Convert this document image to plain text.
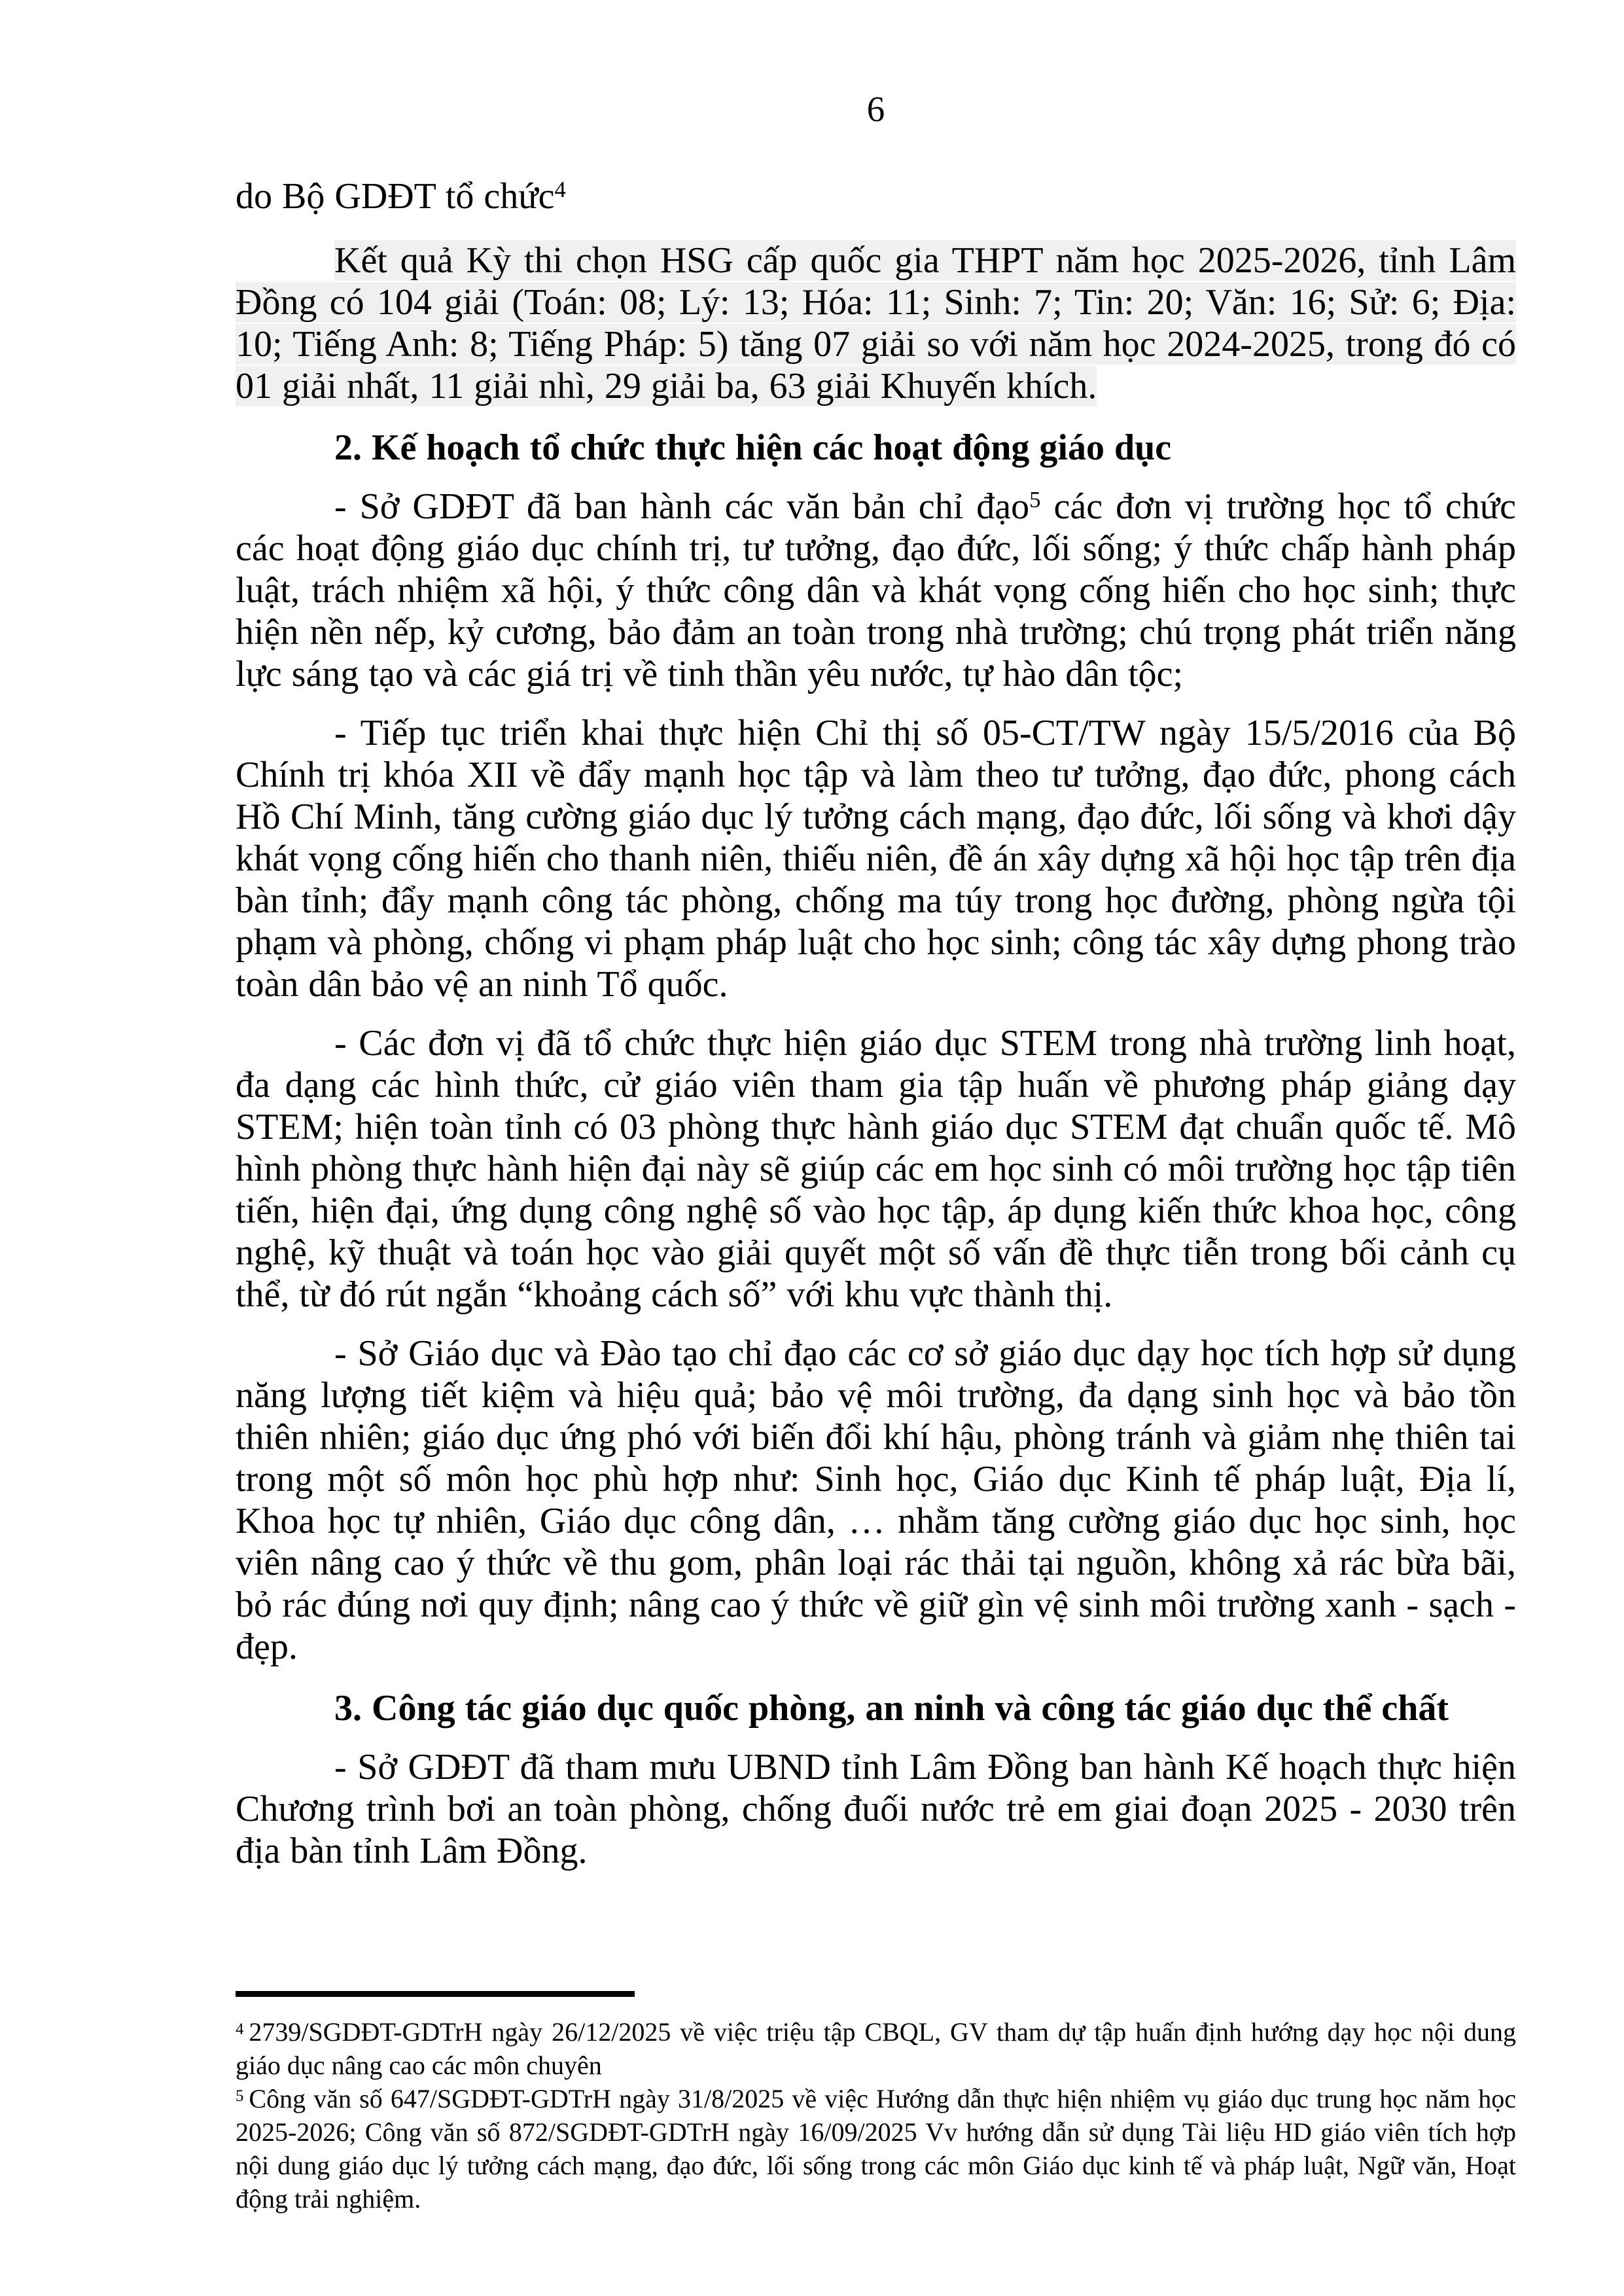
6

do Bộ GDĐT tổ chức$^4$

Kết quả Kỳ thi chọn HSG cấp quốc gia THPT năm học 2025-2026, tỉnh Lâm Đồng có 104 giải (Toán: 08; Lý: 13; Hóa: 11; Sinh: 7; Tin: 20; Văn: 16; Sử: 6; Địa: 10; Tiếng Anh: 8; Tiếng Pháp: 5) tăng 07 giải so với năm học 2024-2025, trong đó có 01 giải nhất, 11 giải nhì, 29 giải ba, 63 giải Khuyến khích.

2. Kế hoạch tổ chức thực hiện các hoạt động giáo dục

- Sở GDĐT đã ban hành các văn bản chỉ đạo$^5$ các đơn vị trường học tổ chức các hoạt động giáo dục chính trị, tư tưởng, đạo đức, lối sống; ý thức chấp hành pháp luật, trách nhiệm xã hội, ý thức công dân và khát vọng cống hiến cho học sinh; thực hiện nền nếp, kỷ cương, bảo đảm an toàn trong nhà trường; chú trọng phát triển năng lực sáng tạo và các giá trị về tinh thần yêu nước, tự hào dân tộc;

- Tiếp tục triển khai thực hiện Chỉ thị số 05-CT/TW ngày 15/5/2016 của Bộ Chính trị khóa XII về đẩy mạnh học tập và làm theo tư tưởng, đạo đức, phong cách Hồ Chí Minh, tăng cường giáo dục lý tưởng cách mạng, đạo đức, lối sống và khơi dậy khát vọng cống hiến cho thanh niên, thiếu niên, đề án xây dựng xã hội học tập trên địa bàn tỉnh; đẩy mạnh công tác phòng, chống ma túy trong học đường, phòng ngừa tội phạm và phòng, chống vi phạm pháp luật cho học sinh; công tác xây dựng phong trào toàn dân bảo vệ an ninh Tổ quốc.

- Các đơn vị đã tổ chức thực hiện giáo dục STEM trong nhà trường linh hoạt, đa dạng các hình thức, cử giáo viên tham gia tập huấn về phương pháp giảng dạy STEM; hiện toàn tỉnh có 03 phòng thực hành giáo dục STEM đạt chuẩn quốc tế. Mô hình phòng thực hành hiện đại này sẽ giúp các em học sinh có môi trường học tập tiên tiến, hiện đại, ứng dụng công nghệ số vào học tập, áp dụng kiến thức khoa học, công nghệ, kỹ thuật và toán học vào giải quyết một số vấn đề thực tiễn trong bối cảnh cụ thể, từ đó rút ngắn “khoảng cách số” với khu vực thành thị.

- Sở Giáo dục và Đào tạo chỉ đạo các cơ sở giáo dục dạy học tích hợp sử dụng năng lượng tiết kiệm và hiệu quả; bảo vệ môi trường, đa dạng sinh học và bảo tồn thiên nhiên; giáo dục ứng phó với biến đổi khí hậu, phòng tránh và giảm nhẹ thiên tai trong một số môn học phù hợp như: Sinh học, Giáo dục Kinh tế pháp luật, Địa lí, Khoa học tự nhiên, Giáo dục công dân, … nhằm tăng cường giáo dục học sinh, học viên nâng cao ý thức về thu gom, phân loại rác thải tại nguồn, không xả rác bừa bãi, bỏ rác đúng nơi quy định; nâng cao ý thức về giữ gìn vệ sinh môi trường xanh - sạch - đẹp.

3. Công tác giáo dục quốc phòng, an ninh và công tác giáo dục thể chất

- Sở GDĐT đã tham mưu UBND tỉnh Lâm Đồng ban hành Kế hoạch thực hiện Chương trình bơi an toàn phòng, chống đuối nước trẻ em giai đoạn 2025 - 2030 trên địa bàn tỉnh Lâm Đồng.

$^4$ 2739/SGDĐT-GDTrH ngày 26/12/2025 về việc triệu tập CBQL, GV tham dự tập huấn định hướng dạy học nội dung giáo dục nâng cao các môn chuyên

$^5$ Công văn số 647/SGDĐT-GDTrH ngày 31/8/2025 về việc Hướng dẫn thực hiện nhiệm vụ giáo dục trung học năm học 2025-2026; Công văn số 872/SGDĐT-GDTrH ngày 16/09/2025 Vv hướng dẫn sử dụng Tài liệu HD giáo viên tích hợp nội dung giáo dục lý tưởng cách mạng, đạo đức, lối sống trong các môn Giáo dục kinh tế và pháp luật, Ngữ văn, Hoạt động trải nghiệm.
